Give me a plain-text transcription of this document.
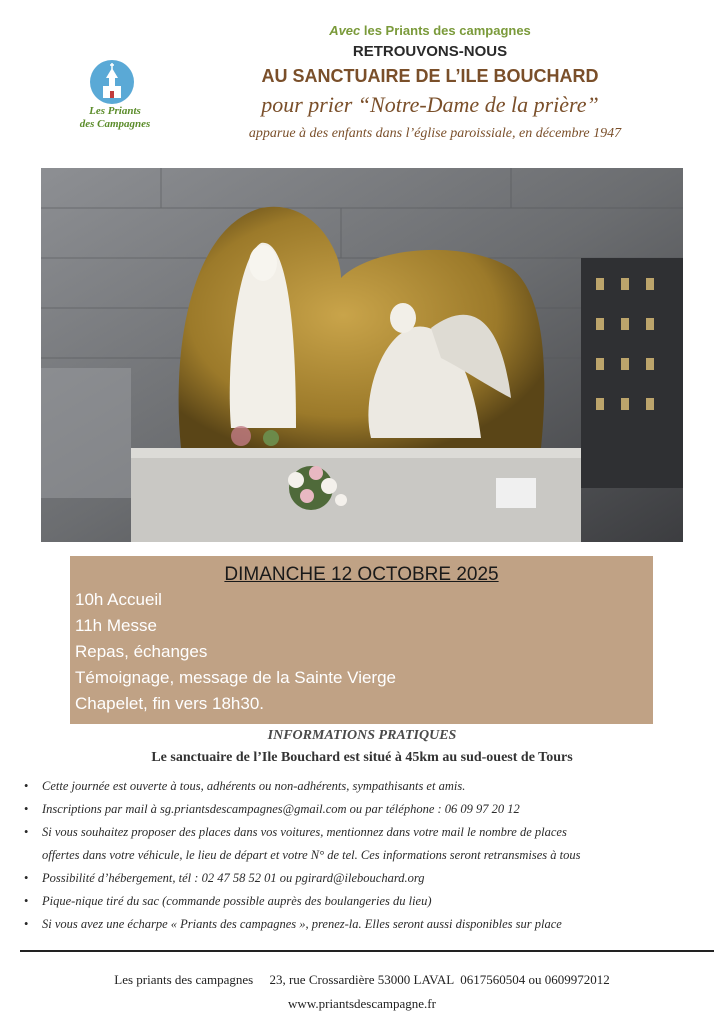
Les Priants
des Campagnes
Avec les Priants des campagnes
RETROUVONS-NOUS
AU SANCTUAIRE DE L’ILE BOUCHARD
pour prier “Notre-Dame de la prière”
apparue à des enfants dans l’église paroissiale, en décembre 1947
DIMANCHE 12 OCTOBRE 2025
10h Accueil
11h Messe
Repas, échanges
Témoignage, message de la Sainte Vierge
Chapelet, fin vers 18h30.
INFORMATIONS PRATIQUES
Le sanctuaire de l’Ile Bouchard est situé à 45km au sud-ouest de Tours
• Cette journée est ouverte à tous, adhérents ou non-adhérents, sympathisants et amis.
• Inscriptions par mail à sg.priantsdescampagnes@gmail.com ou par téléphone : 06 09 97 20 12
• Si vous souhaitez proposer des places dans vos voitures, mentionnez dans votre mail le nombre de places
offertes dans votre véhicule, le lieu de départ et votre N° de tel. Ces informations seront retransmises à tous
• Possibilité d’hébergement, tél : 02 47 58 52 01 ou pgirard@ilebouchard.org
• Pique-nique tiré du sac (commande possible auprès des boulangeries du lieu)
• Si vous avez une écharpe « Priants des campagnes », prenez-la. Elles seront aussi disponibles sur place
Les priants des campagnes     23, rue Crossardière 53000 LAVAL  0617560504 ou 0609972012
www.priantsdescampagne.fr
